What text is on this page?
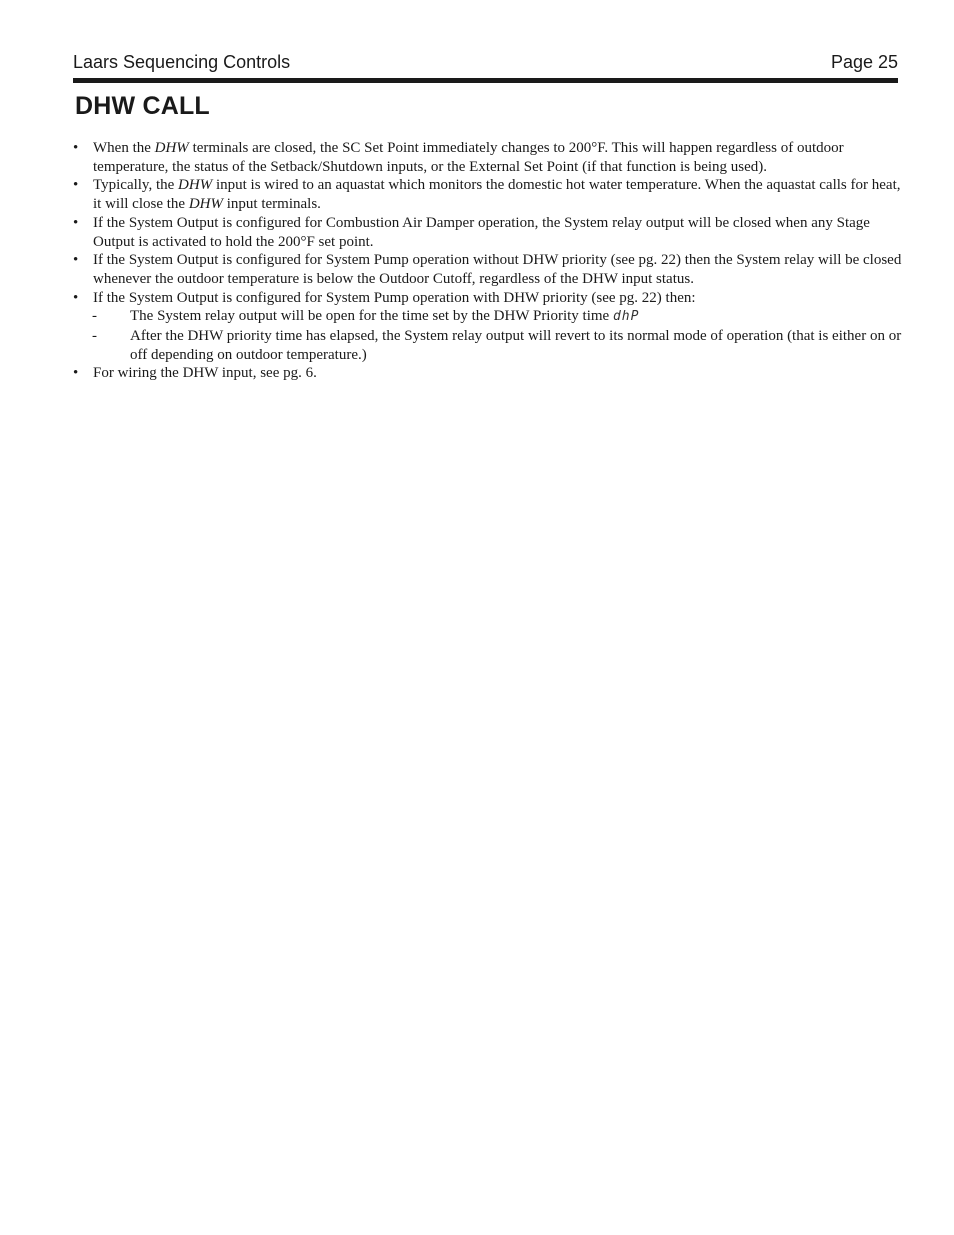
Laars Sequencing Controls	Page 25
DHW CALL
• When the DHW terminals are closed, the SC Set Point immediately changes to 200°F. This will happen regardless of outdoor temperature, the status of the Setback/Shutdown inputs, or the External Set Point (if that function is being used).
• Typically, the DHW input is wired to an aquastat which monitors the domestic hot water temperature. When the aquastat calls for heat, it will close the DHW input terminals.
• If the System Output is configured for Combustion Air Damper operation, the System relay output will be closed when any Stage Output is activated to hold the 200°F set point.
• If the System Output is configured for System Pump operation without DHW priority (see pg. 22) then the System relay will be closed whenever the outdoor temperature is below the Outdoor Cutoff, regardless of the DHW input status.
• If the System Output is configured for System Pump operation with DHW priority (see pg. 22) then:
- The System relay output will be open for the time set by the DHW Priority time dhP
- After the DHW priority time has elapsed, the System relay output will revert to its normal mode of operation (that is either on or off depending on outdoor temperature.)
• For wiring the DHW input, see pg. 6.
